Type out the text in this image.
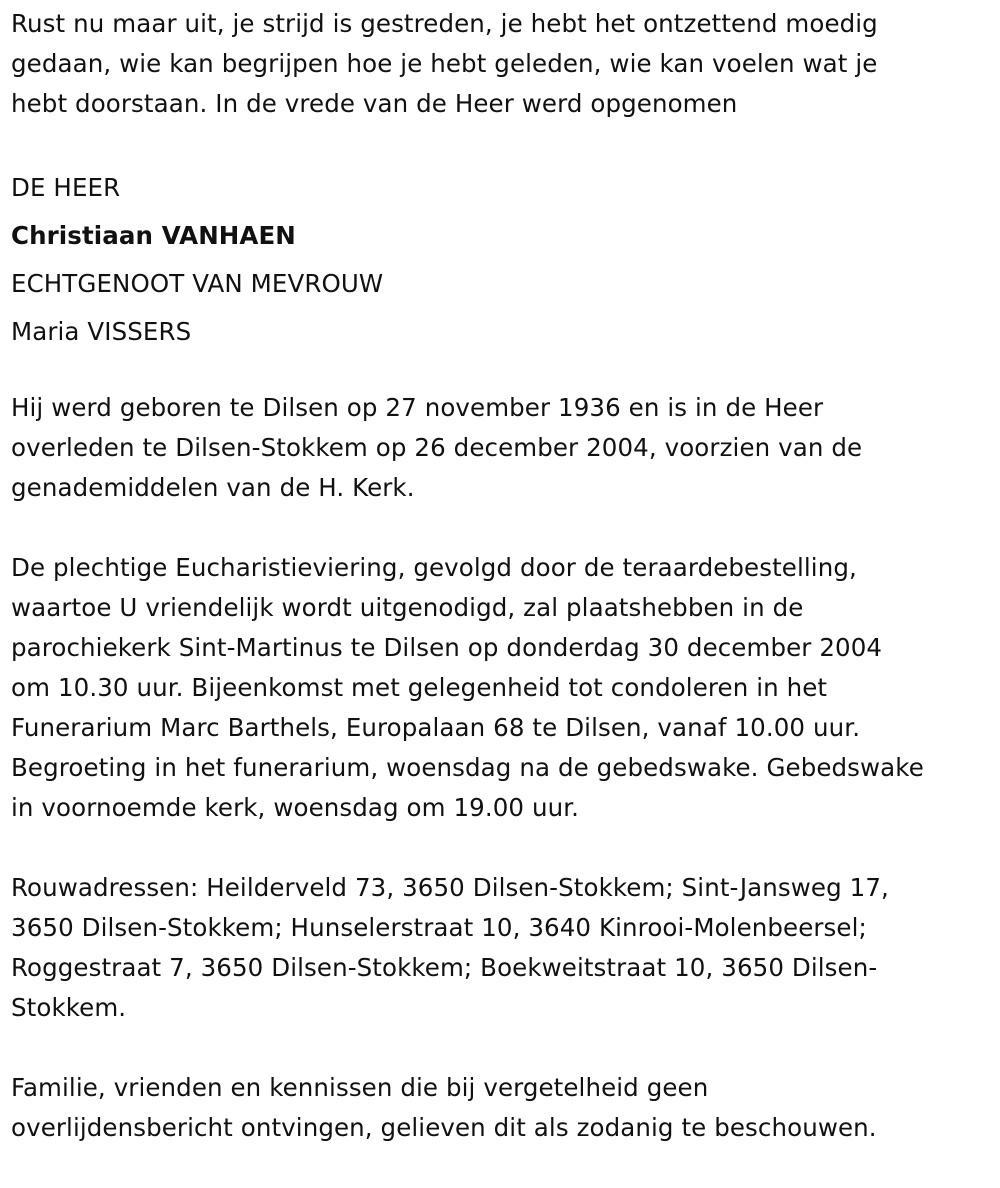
Rust nu maar uit, je strijd is gestreden, je hebt het ontzettend moedig
gedaan, wie kan begrijpen hoe je hebt geleden, wie kan voelen wat je
hebt doorstaan. In de vrede van de Heer werd opgenomen
DE HEER
Christiaan VANHAEN
ECHTGENOOT VAN MEVROUW
Maria VISSERS
Hij werd geboren te Dilsen op 27 november 1936 en is in de Heer
overleden te Dilsen-Stokkem op 26 december 2004, voorzien van de
genademiddelen van de H. Kerk.
De plechtige Eucharistieviering, gevolgd door de teraardebestelling,
waartoe U vriendelijk wordt uitgenodigd, zal plaatshebben in de
parochiekerk Sint-Martinus te Dilsen op donderdag 30 december 2004
om 10.30 uur. Bijeenkomst met gelegenheid tot condoleren in het
Funerarium Marc Barthels, Europalaan 68 te Dilsen, vanaf 10.00 uur.
Begroeting in het funerarium, woensdag na de gebedswake. Gebedswake
in voornoemde kerk, woensdag om 19.00 uur.
Rouwadressen: Heilderveld 73, 3650 Dilsen-Stokkem; Sint-Jansweg 17,
3650 Dilsen-Stokkem; Hunselerstraat 10, 3640 Kinrooi-Molenbeersel;
Roggestraat 7, 3650 Dilsen-Stokkem; Boekweitstraat 10, 3650 Dilsen-
Stokkem.
Familie, vrienden en kennissen die bij vergetelheid geen
overlijdensbericht ontvingen, gelieven dit als zodanig te beschouwen.
